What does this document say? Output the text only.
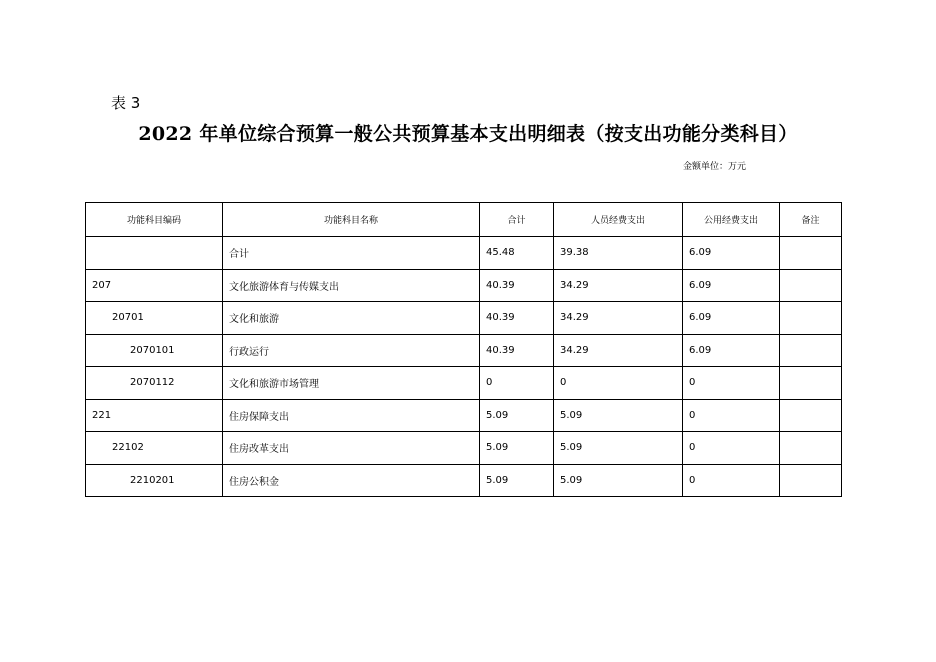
表 3
2022 年单位综合预算一般公共预算基本支出明细表（按支出功能分类科目）
金额单位：万元
功能科目编码	功能科目名称	合计	人员经费支出	公用经费支出	备注
	合计	45.48	39.38	6.09	
207	文化旅游体育与传媒支出	40.39	34.29	6.09	
20701	文化和旅游	40.39	34.29	6.09	
2070101	行政运行	40.39	34.29	6.09	
2070112	文化和旅游市场管理	0	0	0	
221	住房保障支出	5.09	5.09	0	
22102	住房改革支出	5.09	5.09	0	
2210201	住房公积金	5.09	5.09	0	
